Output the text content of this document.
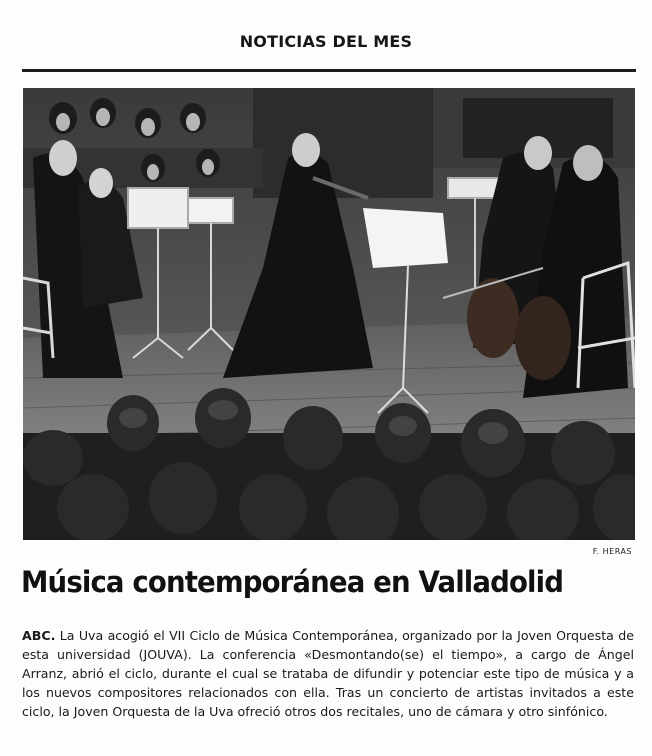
NOTICIAS DEL MES
F. HERAS
Música contemporánea en Valladolid

ABC. La Uva acogió el VII Ciclo de Música Contemporánea, organizado por la Joven Orquesta de esta universidad (JOUVA). La conferencia «Desmontando(se) el tiempo», a cargo de Ángel Arranz, abrió el ciclo, durante el cual se trataba de difundir y potenciar este tipo de música y a los nuevos compositores relacionados con ella. Tras un concierto de artistas invitados a este ciclo, la Joven Orquesta de la Uva ofreció otros dos recitales, uno de cámara y otro sinfónico.
